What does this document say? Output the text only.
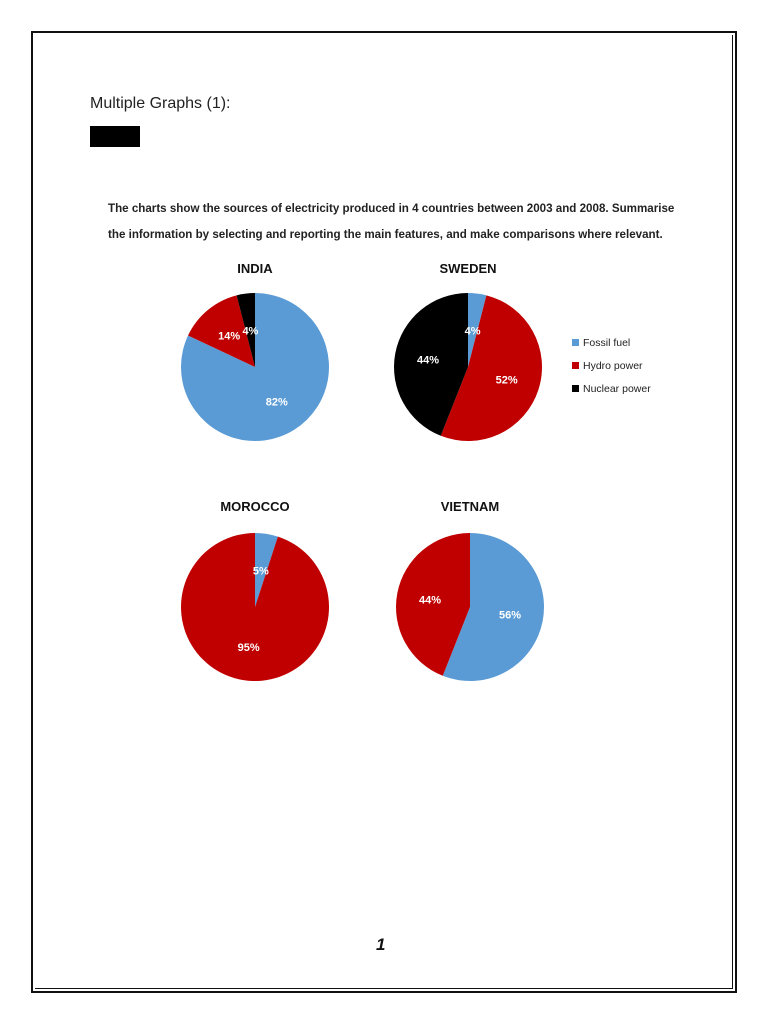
Multiple Graphs (1):

The charts show the sources of electricity produced in 4 countries between 2003 and 2008. Summarise

the information by selecting and reporting the main features, and make comparisons where relevant.

INDIA
82%
14% 4%
SWEDEN
4%
52%
44%
MOROCCO
5%
95%
VIETNAM
56%
44%
Fossil fuel
Hydro power
Nuclear power
1
